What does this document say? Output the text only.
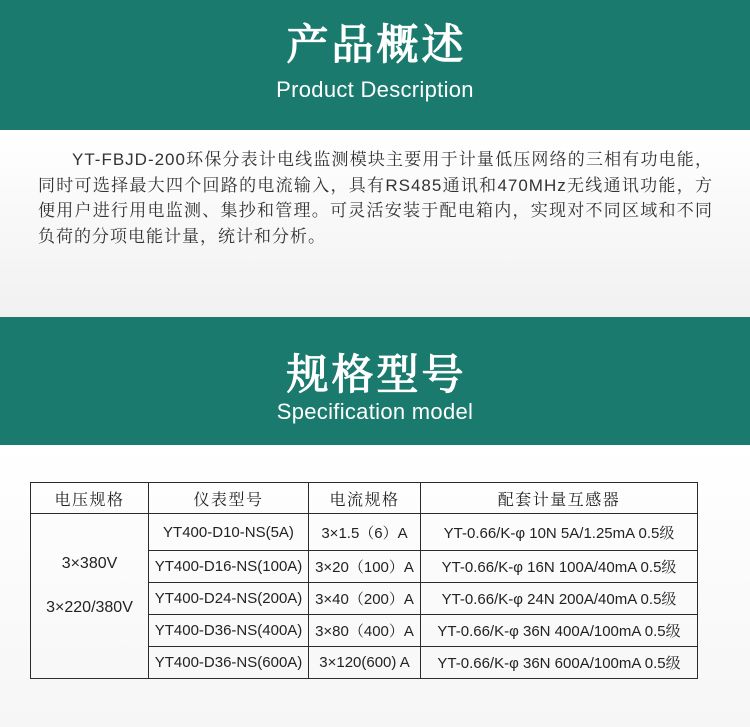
产品概述
Product Description

YT-FBJD-200环保分表计电线监测模块主要用于计量低压网络的三相有功电能，同时可选择最大四个回路的电流输入，具有RS485通讯和470MHz无线通讯功能，方便用户进行用电监测、集抄和管理。可灵活安装于配电箱内，实现对不同区域和不同负荷的分项电能计量，统计和分析。

规格型号
Specification model
电压规格	仪表型号	电流规格	配套计量互感器

3×380V
3×220/380V	YT400-D10-NS(5A)	3×1.5（6）A	YT-0.66/K-φ 10N 5A/1.25mA 0.5级
	YT400-D16-NS(100A)	3×20（100）A	YT-0.66/K-φ 16N 100A/40mA 0.5级
	YT400-D24-NS(200A)	3×40（200）A	YT-0.66/K-φ 24N 200A/40mA 0.5级
	YT400-D36-NS(400A)	3×80（400）A	YT-0.66/K-φ 36N 400A/100mA 0.5级
	YT400-D36-NS(600A)	3×120(600) A	YT-0.66/K-φ 36N 600A/100mA 0.5级
